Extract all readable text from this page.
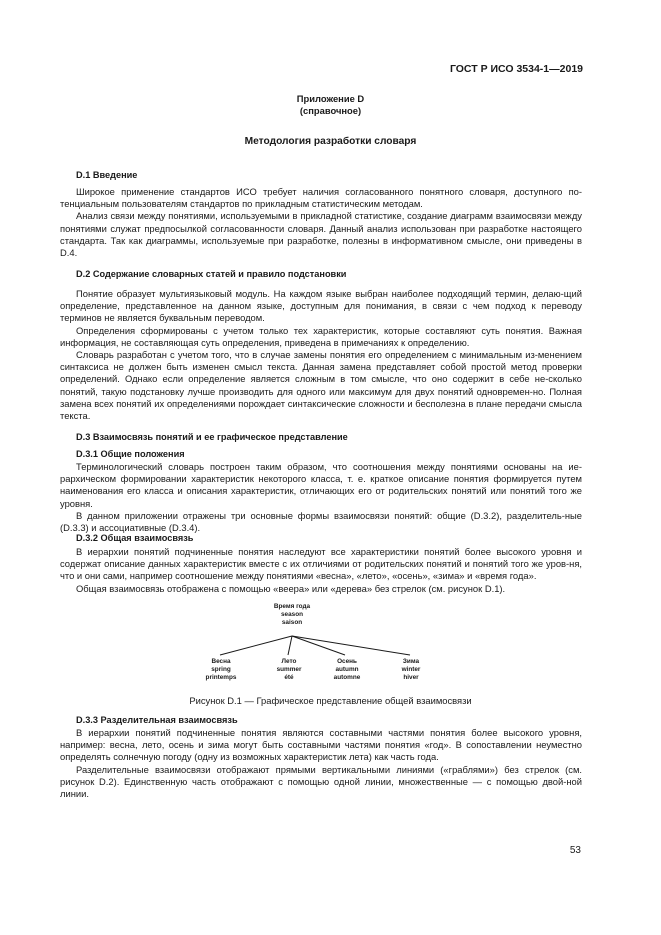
ГОСТ Р ИСО 3534-1—2019
Приложение D
(справочное)
Методология разработки словаря
D.1 Введение

Широкое применение стандартов ИСО требует наличия согласованного понятного словаря, доступного по-тенциальным пользователям стандартов по прикладным статистическим методам.

Анализ связи между понятиями, используемыми в прикладной статистике, создание диаграмм взаимосвязи между понятиями служат предпосылкой согласованности словаря. Данный анализ использован при разработке настоящего стандарта. Так как диаграммы, используемые при разработке, полезны в информативном смысле, они приведены в D.4.

D.2 Содержание словарных статей и правило подстановки

Понятие образует мультиязыковый модуль. На каждом языке выбран наиболее подходящий термин, делаю-щий определение, представленное на данном языке, доступным для понимания, в связи с чем подход к переводу терминов не является буквальным переводом.

Определения сформированы с учетом только тех характеристик, которые составляют суть понятия. Важная информация, не составляющая суть определения, приведена в примечаниях к определению.

Словарь разработан с учетом того, что в случае замены понятия его определением с минимальным из-менением синтаксиса не должен быть изменен смысл текста. Данная замена представляет собой простой метод проверки определений. Однако если определение является сложным в том смысле, что оно содержит в себе не-сколько понятий, такую подстановку лучше производить для одного или максимум для двух понятий одновремен-но. Полная замена всех понятий их определениями порождает синтаксические сложности и бесполезна в плане передачи смысла текста.

D.3 Взаимосвязь понятий и ее графическое представление
D.3.1 Общие положения

Терминологический словарь построен таким образом, что соотношения между понятиями основаны на ие-рархическом формировании характеристик некоторого класса, т. е. краткое описание понятия формируется путем наименования его класса и описания характеристик, отличающих его от родительских понятий или понятий того же уровня.

В данном приложении отражены три основные формы взаимосвязи понятий: общие (D.3.2), разделитель-ные (D.3.3) и ассоциативные (D.3.4).

D.3.2 Общая взаимосвязь

В иерархии понятий подчиненные понятия наследуют все характеристики понятий более высокого уровня и содержат описание данных характеристик вместе с их отличиями от родительских понятий и понятий того же уров-ня, что и они сами, например соотношение между понятиями «весна», «лето», «осень», «зима» и «время года».

Общая взаимосвязь отображена с помощью «веера» или «дерева» без стрелок (см. рисунок D.1).

Время года
season
saison
Весна
spring
printemps
Лето
summer
été
Осень
autumn
automne
Зима
winter
hiver
Рисунок D.1 — Графическое представление общей взаимосвязи
D.3.3 Разделительная взаимосвязь

В иерархии понятий подчиненные понятия являются составными частями понятия более высокого уровня, например: весна, лето, осень и зима могут быть составными частями понятия «год». В сопоставлении неуместно определять солнечную погоду (одну из возможных характеристик лета) как часть года.

Разделительные взаимосвязи отображают прямыми вертикальными линиями («граблями») без стрелок (см. рисунок D.2). Единственную часть отображают с помощью одной линии, множественные — с помощью двой-ной линии.

53
